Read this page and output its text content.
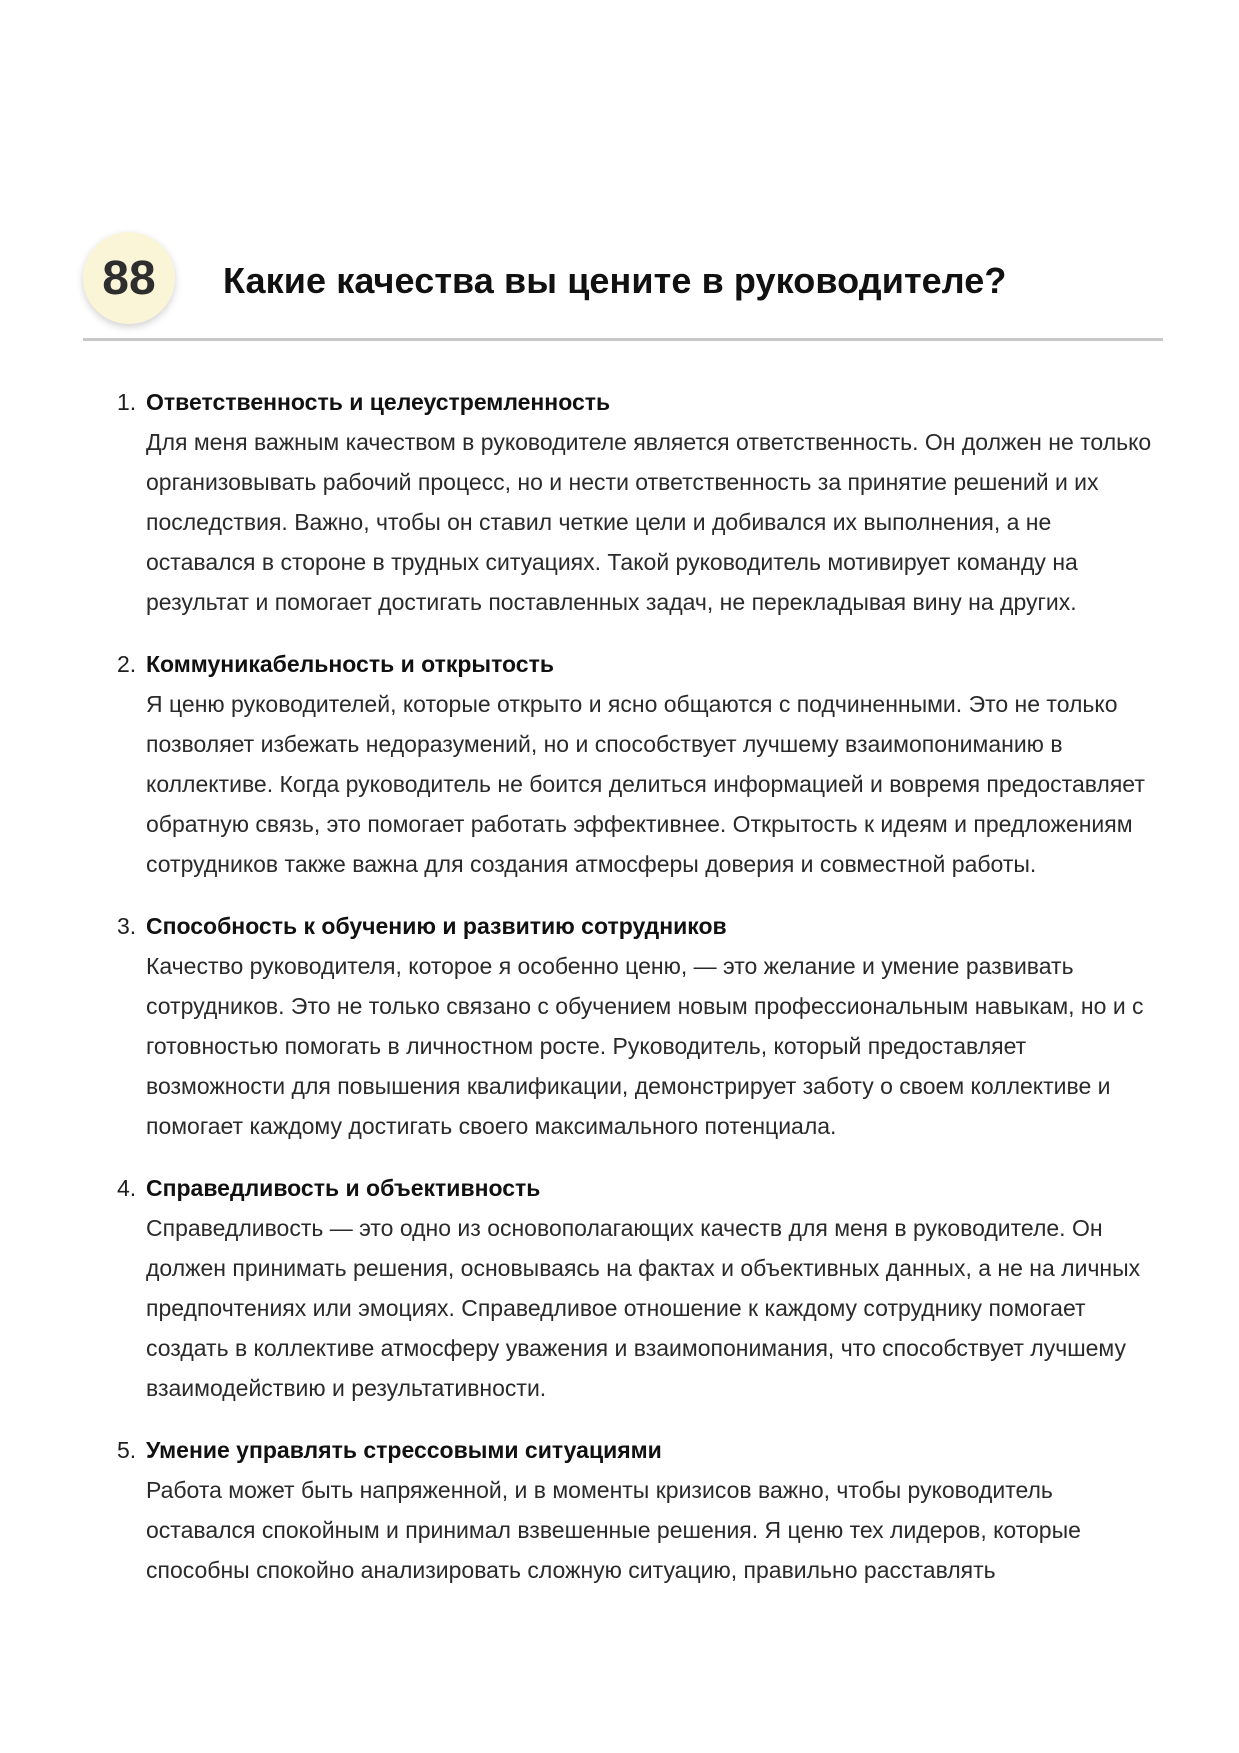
88	Какие качества вы цените в руководителе?
1. Ответственность и целеустремленность
Для меня важным качеством в руководителе является ответственность. Он должен не только организовывать рабочий процесс, но и нести ответственность за принятие решений и их последствия. Важно, чтобы он ставил четкие цели и добивался их выполнения, а не оставался в стороне в трудных ситуациях. Такой руководитель мотивирует команду на результат и помогает достигать поставленных задач, не перекладывая вину на других.
2. Коммуникабельность и открытость
Я ценю руководителей, которые открыто и ясно общаются с подчиненными. Это не только позволяет избежать недоразумений, но и способствует лучшему взаимопониманию в коллективе. Когда руководитель не боится делиться информацией и вовремя предоставляет обратную связь, это помогает работать эффективнее. Открытость к идеям и предложениям сотрудников также важна для создания атмосферы доверия и совместной работы.
3. Способность к обучению и развитию сотрудников
Качество руководителя, которое я особенно ценю, — это желание и умение развивать сотрудников. Это не только связано с обучением новым профессиональным навыкам, но и с готовностью помогать в личностном росте. Руководитель, который предоставляет возможности для повышения квалификации, демонстрирует заботу о своем коллективе и помогает каждому достигать своего максимального потенциала.
4. Справедливость и объективность
Справедливость — это одно из основополагающих качеств для меня в руководителе. Он должен принимать решения, основываясь на фактах и объективных данных, а не на личных предпочтениях или эмоциях. Справедливое отношение к каждому сотруднику помогает создать в коллективе атмосферу уважения и взаимопонимания, что способствует лучшему взаимодействию и результативности.
5. Умение управлять стрессовыми ситуациями
Работа может быть напряженной, и в моменты кризисов важно, чтобы руководитель оставался спокойным и принимал взвешенные решения. Я ценю тех лидеров, которые способны спокойно анализировать сложную ситуацию, правильно расставлять
